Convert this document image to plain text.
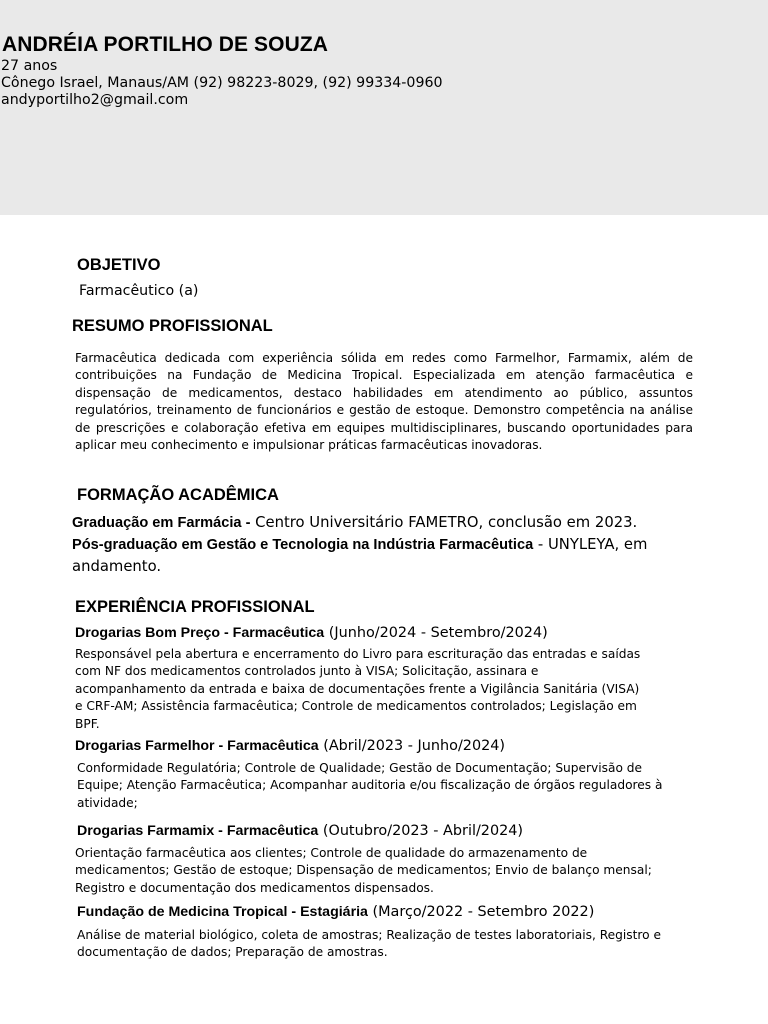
ANDRÉIA PORTILHO DE SOUZA

27 anos

Cônego Israel, Manaus/AM (92) 98223-8029, (92) 99334-0960

andyportilho2@gmail.com

OBJETIVO

Farmacêutico (a)

RESUMO PROFISSIONAL

Farmacêutica dedicada com experiência sólida em redes como Farmelhor, Farmamix, além de contribuições na Fundação de Medicina Tropical. Especializada em atenção farmacêutica e dispensação de medicamentos, destaco habilidades em atendimento ao público, assuntos regulatórios, treinamento de funcionários e gestão de estoque. Demonstro competência na análise de prescrições e colaboração efetiva em equipes multidisciplinares, buscando oportunidades para aplicar meu conhecimento e impulsionar práticas farmacêuticas inovadoras.

FORMAÇÃO ACADÊMICA

Graduação em Farmácia - Centro Universitário FAMETRO, conclusão em 2023.

Pós-graduação em Gestão e Tecnologia na Indústria Farmacêutica - UNYLEYA, em andamento.

EXPERIÊNCIA PROFISSIONAL

Drogarias Bom Preço - Farmacêutica (Junho/2024 - Setembro/2024)

Responsável pela abertura e encerramento do Livro para escrituração das entradas e saídas com NF dos medicamentos controlados junto à VISA; Solicitação, assinara e acompanhamento da entrada e baixa de documentações frente a Vigilância Sanitária (VISA) e CRF-AM; Assistência farmacêutica; Controle de medicamentos controlados; Legislação em BPF.

Drogarias Farmelhor - Farmacêutica (Abril/2023 - Junho/2024)

Conformidade Regulatória; Controle de Qualidade; Gestão de Documentação; Supervisão de Equipe; Atenção Farmacêutica; Acompanhar auditoria e/ou fiscalização de órgãos reguladores à atividade;

Drogarias Farmamix - Farmacêutica (Outubro/2023 - Abril/2024)

Orientação farmacêutica aos clientes; Controle de qualidade do armazenamento de medicamentos; Gestão de estoque; Dispensação de medicamentos; Envio de balanço mensal; Registro e documentação dos medicamentos dispensados.

Fundação de Medicina Tropical - Estagiária (Março/2022 - Setembro 2022)

Análise de material biológico, coleta de amostras; Realização de testes laboratoriais, Registro e documentação de dados; Preparação de amostras.
